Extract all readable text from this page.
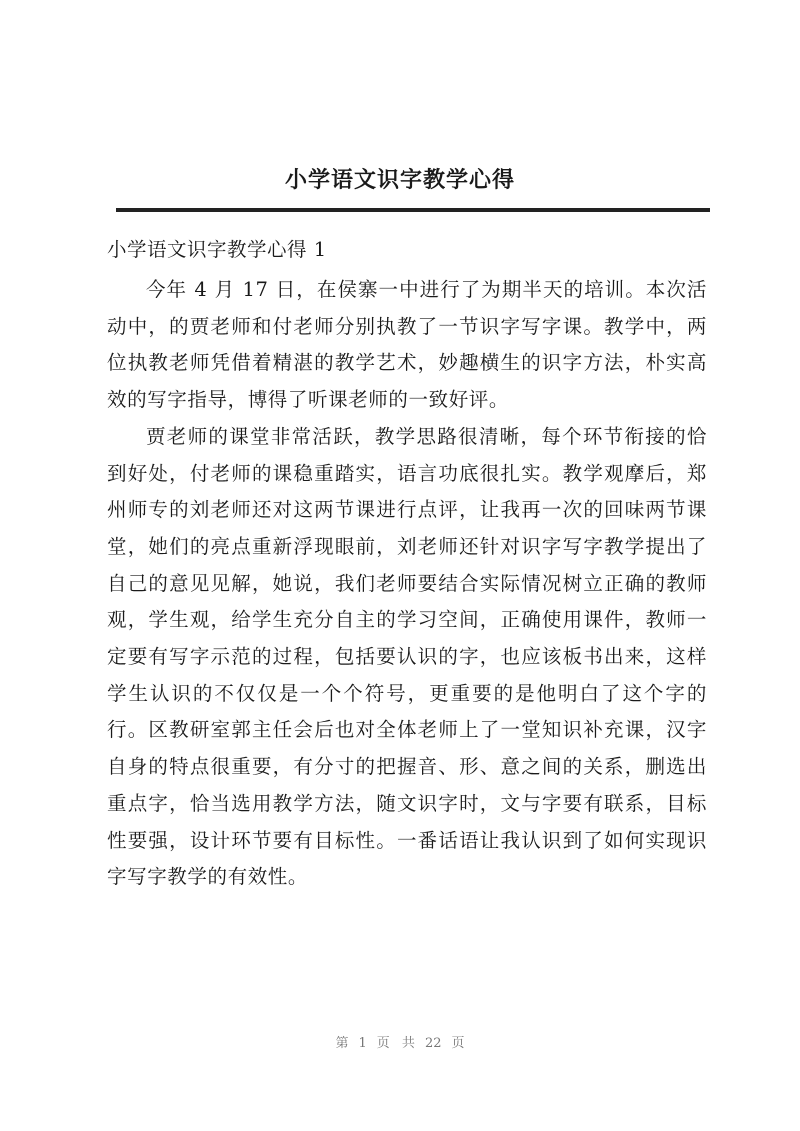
小学语文识字教学心得
小学语文识字教学心得 1

今年 4 月 17 日，在侯寨一中进行了为期半天的培训。本次活动中，的贾老师和付老师分别执教了一节识字写字课。教学中，两位执教老师凭借着精湛的教学艺术，妙趣横生的识字方法，朴实高效的写字指导，博得了听课老师的一致好评。

贾老师的课堂非常活跃，教学思路很清晰，每个环节衔接的恰到好处，付老师的课稳重踏实，语言功底很扎实。教学观摩后，郑州师专的刘老师还对这两节课进行点评，让我再一次的回味两节课堂，她们的亮点重新浮现眼前，刘老师还针对识字写字教学提出了自己的意见见解，她说，我们老师要结合实际情况树立正确的教师观，学生观，给学生充分自主的学习空间，正确使用课件，教师一定要有写字示范的过程，包括要认识的字，也应该板书出来，这样学生认识的不仅仅是一个个符号，更重要的是他明白了这个字的行。区教研室郭主任会后也对全体老师上了一堂知识补充课，汉字自身的特点很重要，有分寸的把握音、形、意之间的关系，删选出重点字，恰当选用教学方法，随文识字时，文与字要有联系，目标性要强，设计环节要有目标性。一番话语让我认识到了如何实现识字写字教学的有效性。

第 1 页 共 22 页
